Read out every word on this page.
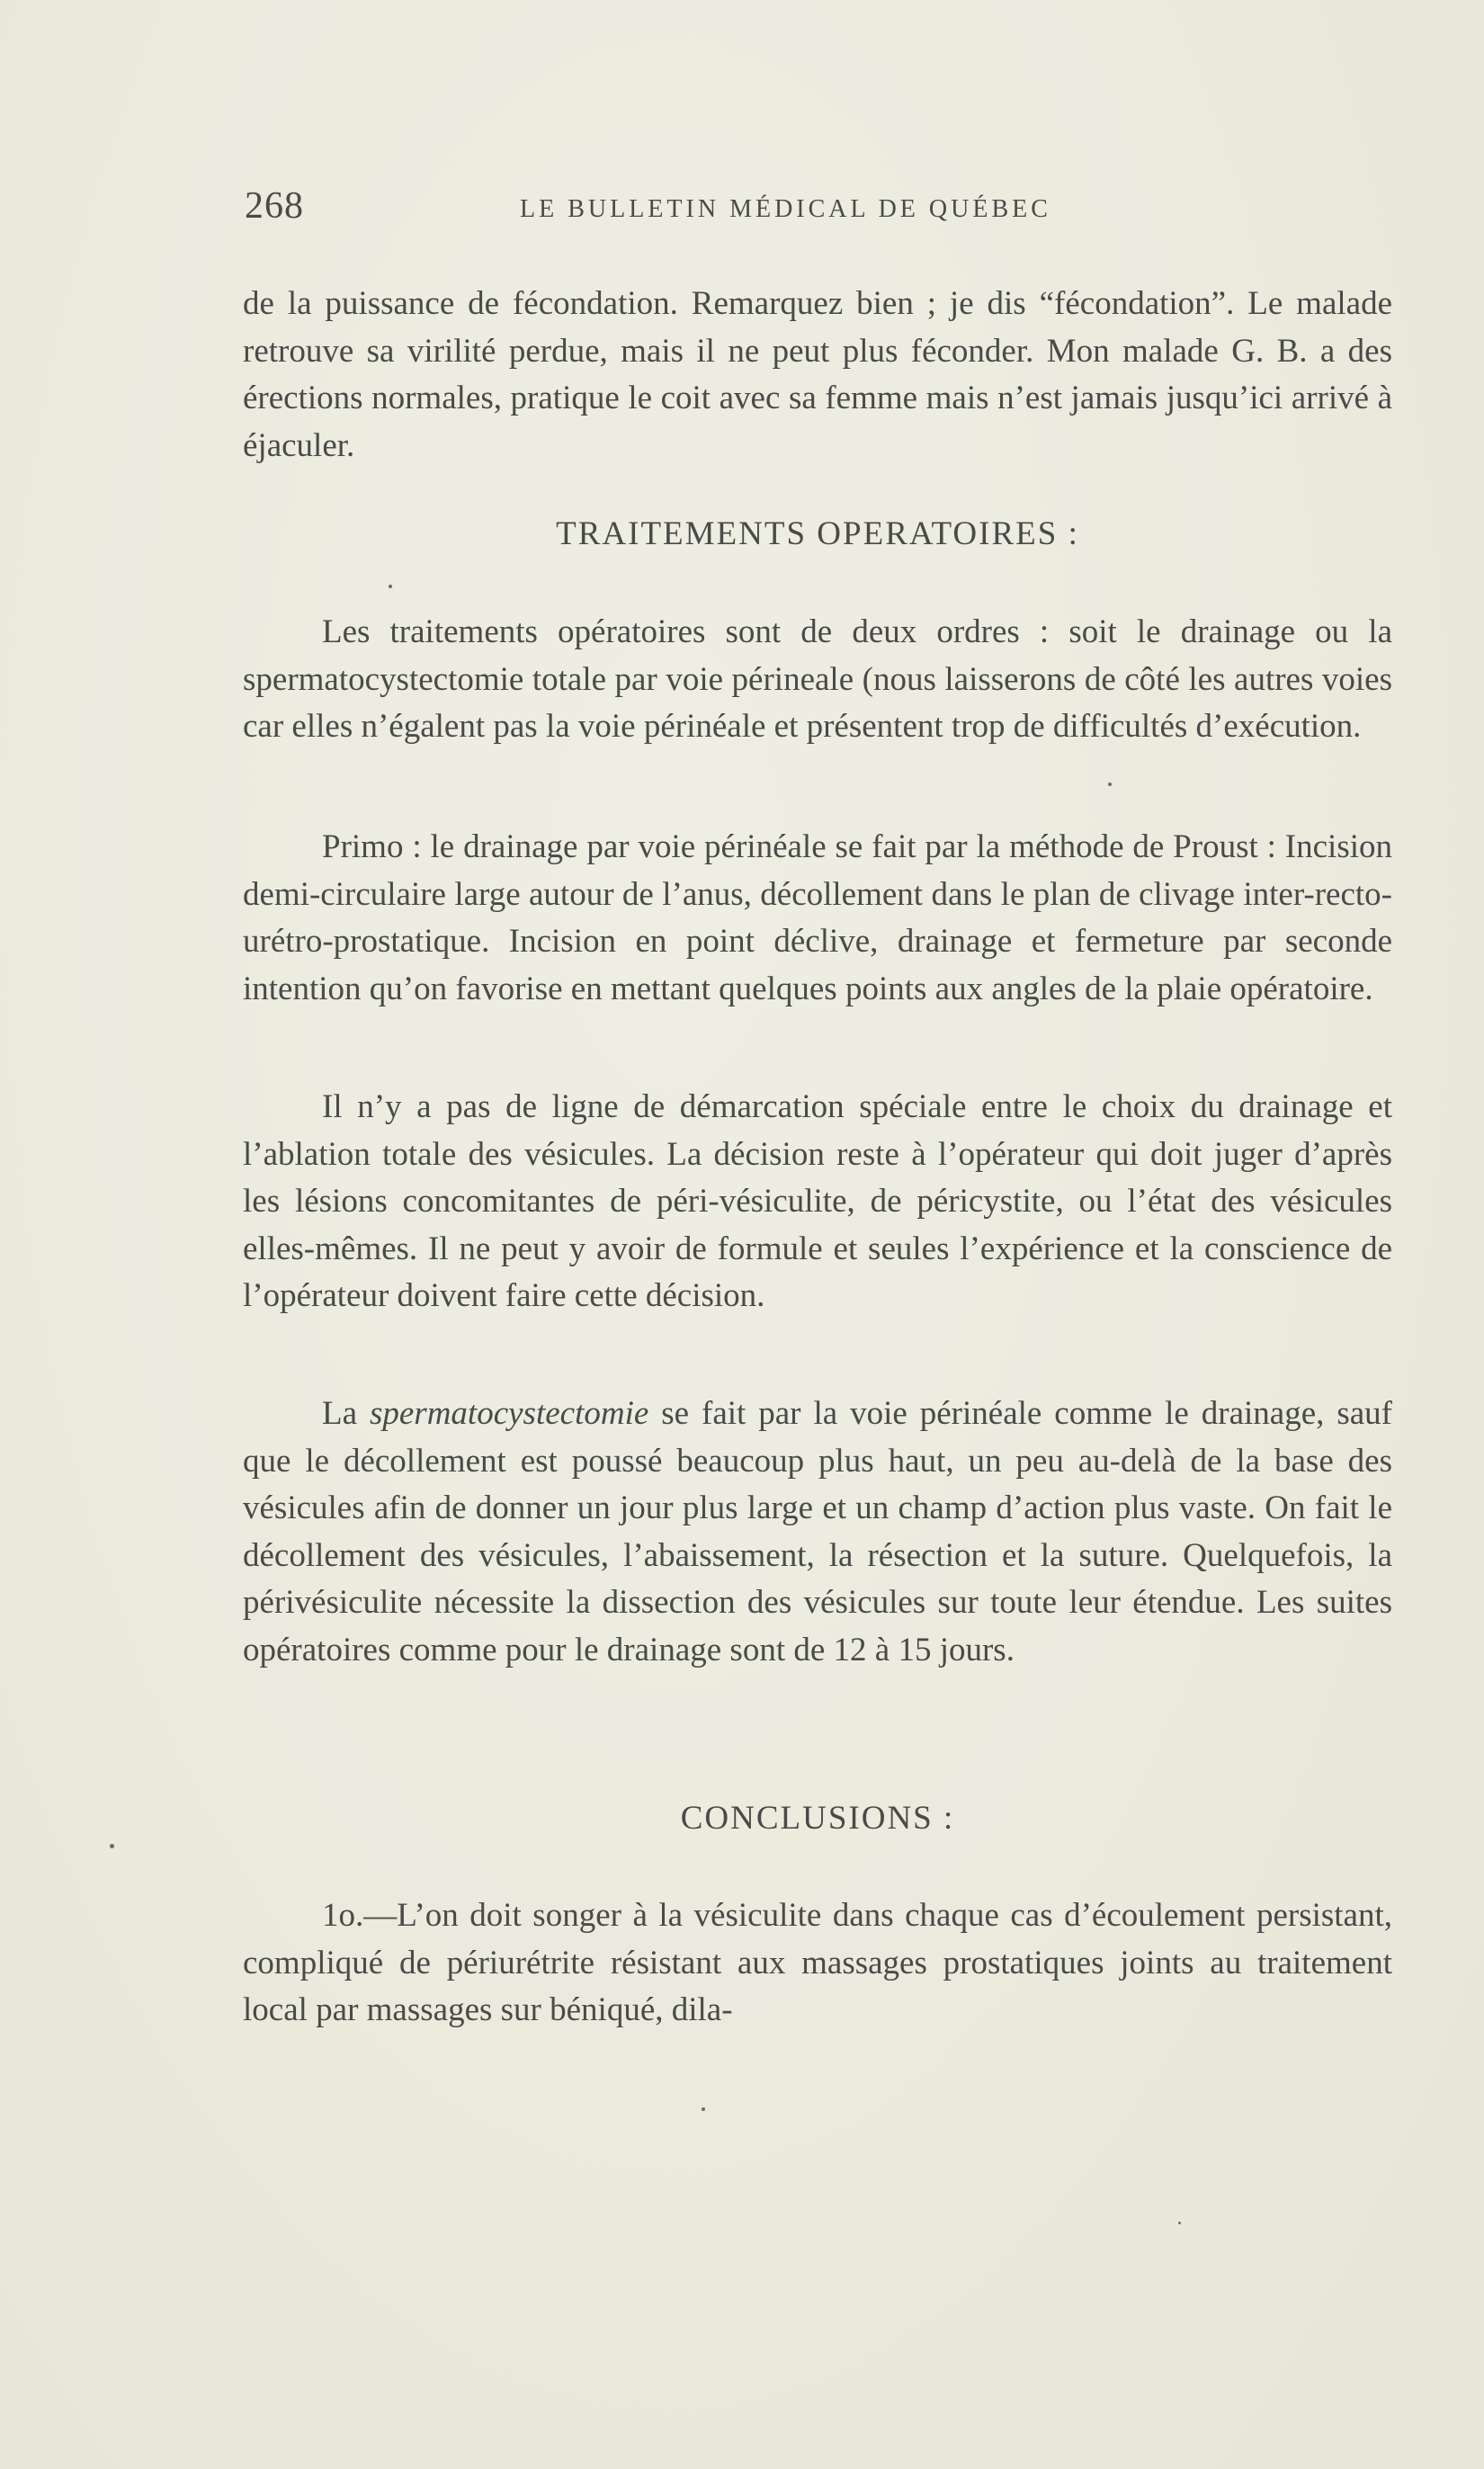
268	LE BULLETIN MÉDICAL DE QUÉBEC

de la puissance de fécondation. Remarquez bien ; je dis “fécondation”. Le malade retrouve sa virilité perdue, mais il ne peut plus féconder. Mon malade G. B. a des érections normales, pratique le coit avec sa femme mais n’est jamais jusqu’ici arrivé à éjaculer.

TRAITEMENTS OPERATOIRES :

Les traitements opératoires sont de deux ordres : soit le drainage ou la spermatocystectomie totale par voie périneale (nous laisserons de côté les autres voies car elles n’égalent pas la voie périnéale et présentent trop de difficultés d’exécution.

Primo : le drainage par voie périnéale se fait par la méthode de Proust : Incision demi-circulaire large autour de l’anus, décollement dans le plan de clivage inter-recto-urétro-prostatique. Incision en point déclive, drainage et fermeture par seconde intention qu’on favorise en mettant quelques points aux angles de la plaie opératoire.

Il n’y a pas de ligne de démarcation spéciale entre le choix du drainage et l’ablation totale des vésicules. La décision reste à l’opérateur qui doit juger d’après les lésions concomitantes de péri-vésiculite, de péricystite, ou l’état des vésicules elles-mêmes. Il ne peut y avoir de formule et seules l’expérience et la conscience de l’opérateur doivent faire cette décision.

La spermatocystectomie se fait par la voie périnéale comme le drainage, sauf que le décollement est poussé beaucoup plus haut, un peu au-delà de la base des vésicules afin de donner un jour plus large et un champ d’action plus vaste. On fait le décollement des vésicules, l’abaissement, la résection et la suture. Quelquefois, la périvésiculite nécessite la dissection des vésicules sur toute leur étendue. Les suites opératoires comme pour le drainage sont de 12 à 15 jours.

CONCLUSIONS :

1o.—L’on doit songer à la vésiculite dans chaque cas d’écoulement persistant, compliqué de périurétrite résistant aux massages prostatiques joints au traitement local par massages sur béniqué, dila-
